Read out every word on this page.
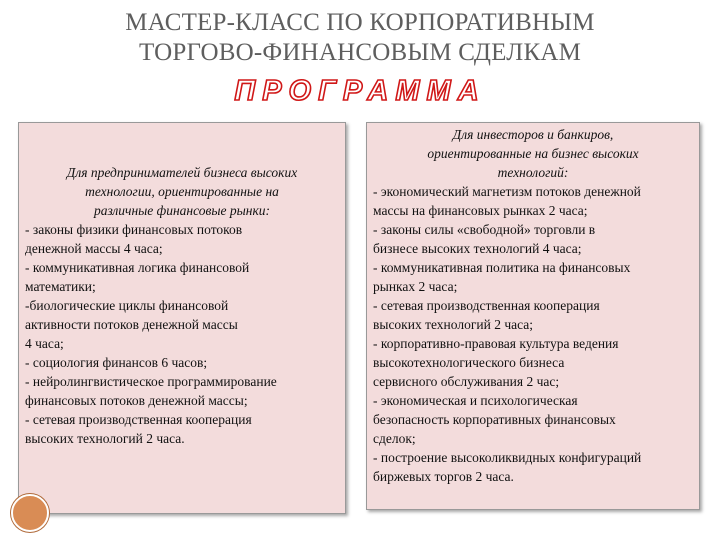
МАСТЕР-КЛАСС ПО КОРПОРАТИВНЫМ
ТОРГОВО-ФИНАНСОВЫМ СДЕЛКАМ
ПРОГРАММА
Для предпринимателей бизнеса высоких
технологии, ориентированные на
различные финансовые рынки:
- законы физики финансовых потоков
денежной массы 4 часа;
- коммуникативная логика финансовой
математики;
-биологические циклы финансовой
активности потоков денежной массы
4 часа;
- социология финансов 6 часов;
- нейролингвистическое программирование
финансовых потоков денежной массы;
- сетевая производственная кооперация
высоких технологий 2 часа.
Для инвесторов и банкиров,
ориентированные на бизнес высоких
технологий:
- экономический магнетизм потоков денежной
массы на финансовых рынках 2 часа;
- законы силы «свободной» торговли в
бизнесе высоких технологий 4 часа;
- коммуникативная политика на финансовых
рынках 2 часа;
- сетевая производственная кооперация
высоких технологий 2 часа;
- корпоративно-правовая культура ведения
высокотехнологического бизнеса
сервисного обслуживания 2 час;
- экономическая и психологическая
безопасность корпоративных финансовых
сделок;
- построение высоколиквидных конфигураций
биржевых торгов 2 часа.
